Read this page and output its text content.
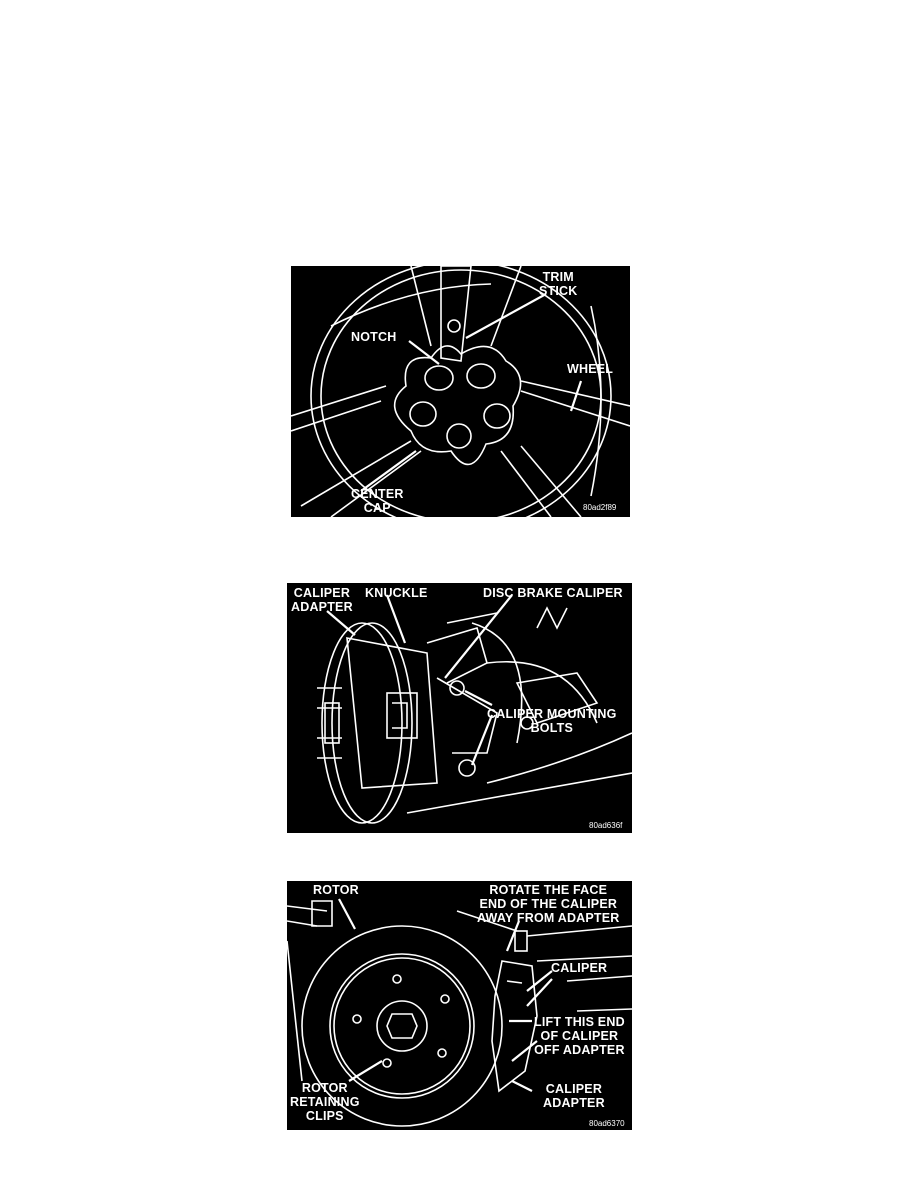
TRIM
STICK
NOTCH
WHEEL
CENTER
CAP	80ad2f89
CALIPER
ADAPTER
KNUCKLE	DISC BRAKE CALIPER
CALIPER MOUNTING
BOLTS
80ad636f
ROTOR	ROTATE THE FACE
END OF THE CALIPER
AWAY FROM ADAPTER
CALIPER
LIFT THIS END
OF CALIPER
OFF ADAPTER
ROTOR
RETAINING
CLIPS
CALIPER
ADAPTER
80ad6370
